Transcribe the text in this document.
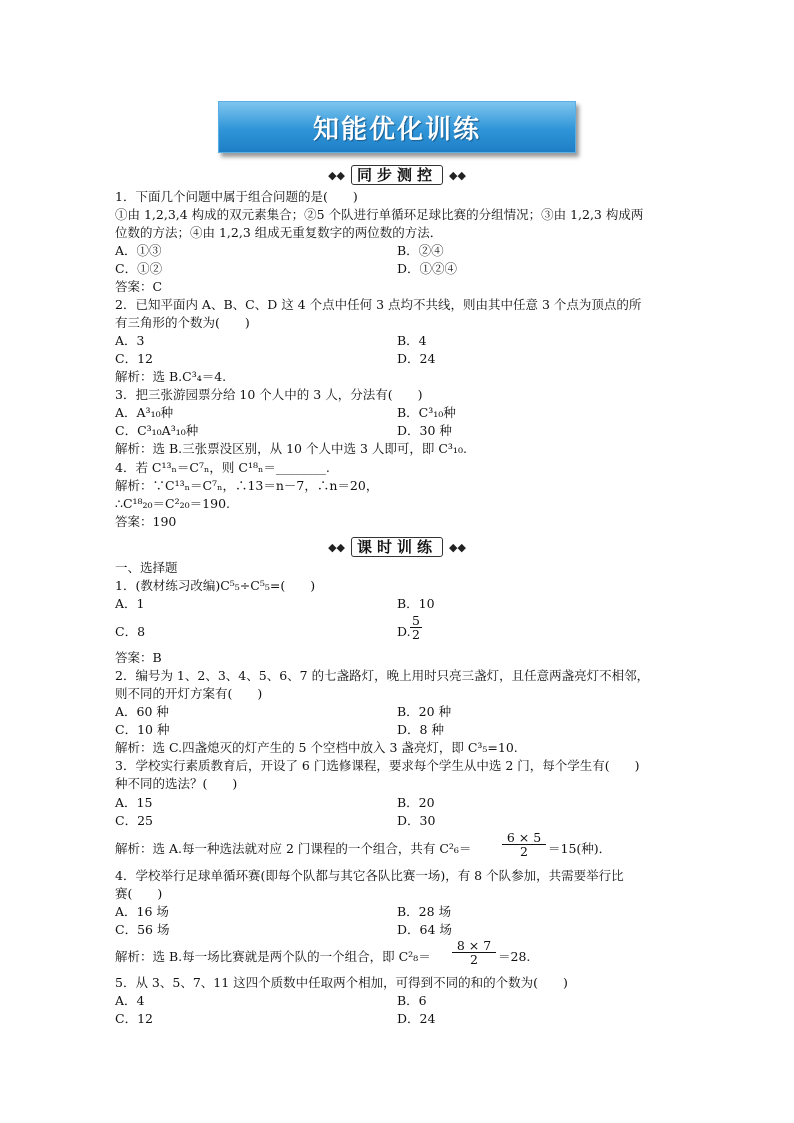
知能优化训练
◆◆ 同步测控	◆◆
1．下面几个问题中属于组合问题的是(　　)
①由 1,2,3,4 构成的双元素集合；②5 个队进行单循环足球比赛的分组情况；③由 1,2,3 构成两
位数的方法；④由 1,2,3 组成无重复数字的两位数的方法．
A．①③	B．②④
C．①②	D．①②④
答案：C
2．已知平面内 A、B、C、D 这 4 个点中任何 3 点均不共线，则由其中任意 3 个点为顶点的所
有三角形的个数为(　　)
A．3	B．4
C．12	D．24
解析：选 B.C³₄＝4.
3．把三张游园票分给 10 个人中的 3 人，分法有(　　)
A．A³₁₀种	B．C³₁₀种
C．C³₁₀A³₁₀种	D．30 种
解析：选 B.三张票没区别，从 10 个人中选 3 人即可，即 C³₁₀.
4．若 C¹³ₙ＝C⁷ₙ，则 C¹⁸ₙ＝________.
解析：∵C¹³ₙ＝C⁷ₙ，∴13＝n－7，∴n＝20，
∴C¹⁸₂₀＝C²₂₀＝190.
答案：190
◆◆ 课时训练	◆◆
一、选择题
1．(教材练习改编)C⁵₅÷C⁵₅=(　　)
A．1	B．10
C．8	D. $\frac{5}{2}$
答案：B
2．编号为 1、2、3、4、5、6、7 的七盏路灯，晚上用时只亮三盏灯，且任意两盏亮灯不相邻，
则不同的开灯方案有(　　)
A．60 种	B．20 种
C．10 种	D．8 种
解析：选 C.四盏熄灭的灯产生的 5 个空档中放入 3 盏亮灯，即 C³₅=10.
3．学校实行素质教育后，开设了 6 门选修课程，要求每个学生从中选 2 门，每个学生有(　　)
种不同的选法？(　　)
A．15	B．20
C．25	D．30
解析：选 A.每一种选法就对应 2 门课程的一个组合，共有 $C^2_6= \frac{6 \times 5}{2} =15$(种)．
4．学校举行足球单循环赛(即每个队都与其它各队比赛一场)，有 8 个队参加，共需要举行比
赛(　　)
A．16 场	B．28 场
C．56 场	D．64 场
解析：选 B.每一场比赛就是两个队的一个组合，即 $C^2_8= \frac{8 \times 7}{2} =28$.
5．从 3、5、7、11 这四个质数中任取两个相加，可得到不同的和的个数为(　　)
A．4	B．6
C．12	D．24
